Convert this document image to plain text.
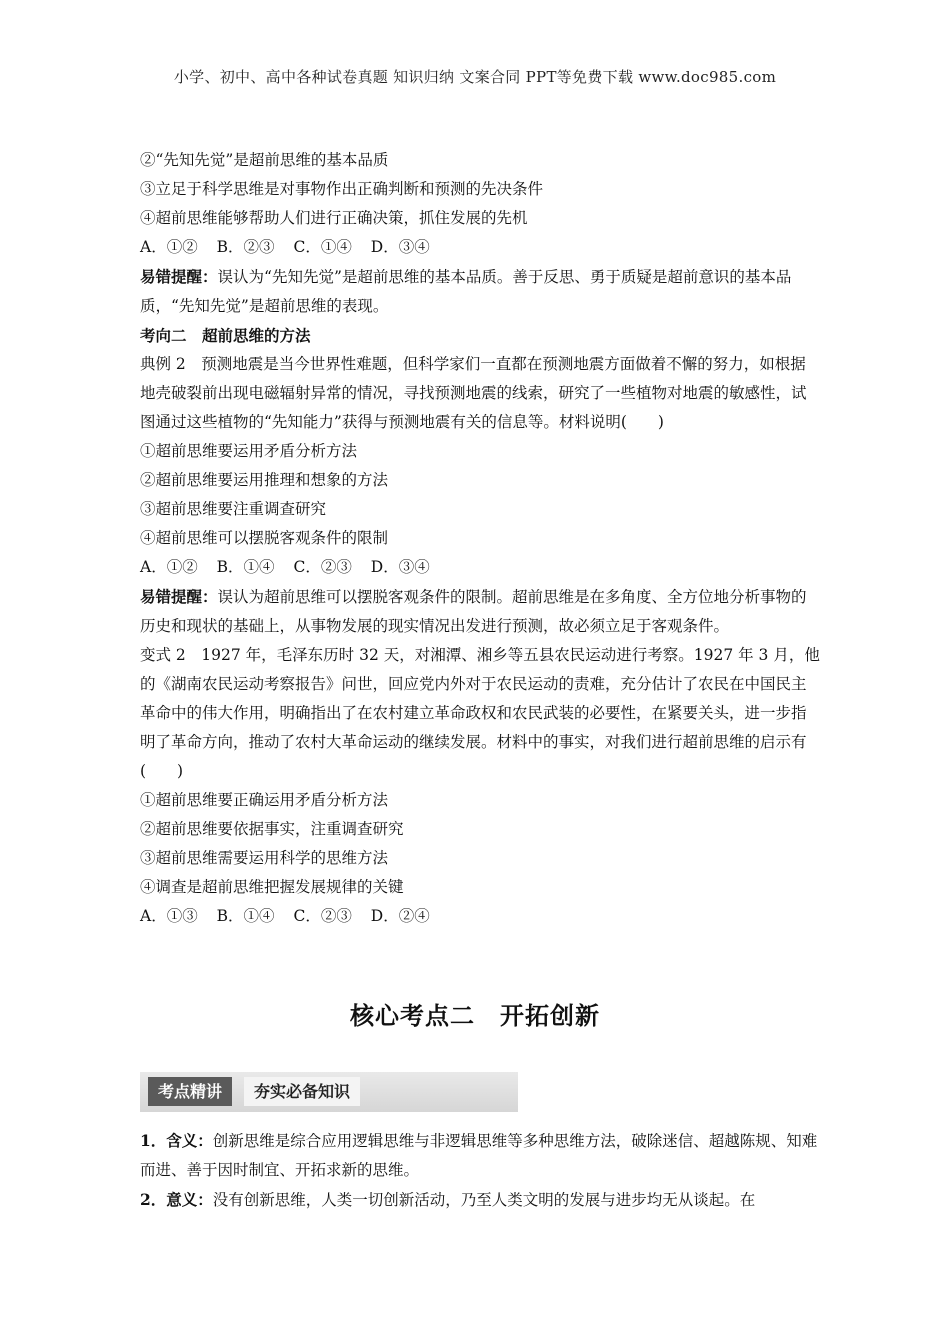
小学、初中、高中各种试卷真题 知识归纳 文案合同 PPT等免费下载 www.doc985.com
②“先知先觉”是超前思维的基本品质
③立足于科学思维是对事物作出正确判断和预测的先决条件
④超前思维能够帮助人们进行正确决策，抓住发展的先机
A．①② B．②③ C．①④ D．③④
易错提醒：误认为“先知先觉”是超前思维的基本品质。善于反思、勇于质疑是超前意识的基本品质，“先知先觉”是超前思维的表现。
考向二　超前思维的方法
典例 2　预测地震是当今世界性难题，但科学家们一直都在预测地震方面做着不懈的努力，如根据地壳破裂前出现电磁辐射异常的情况，寻找预测地震的线索，研究了一些植物对地震的敏感性，试图通过这些植物的“先知能力”获得与预测地震有关的信息等。材料说明(　　)
①超前思维要运用矛盾分析方法
②超前思维要运用推理和想象的方法
③超前思维要注重调查研究
④超前思维可以摆脱客观条件的限制
A．①② B．①④ C．②③ D．③④
易错提醒：误认为超前思维可以摆脱客观条件的限制。超前思维是在多角度、全方位地分析事物的历史和现状的基础上，从事物发展的现实情况出发进行预测，故必须立足于客观条件。
变式 2　1927 年，毛泽东历时 32 天，对湘潭、湘乡等五县农民运动进行考察。1927 年 3 月，他的《湖南农民运动考察报告》问世，回应党内外对于农民运动的责难，充分估计了农民在中国民主革命中的伟大作用，明确指出了在农村建立革命政权和农民武装的必要性，在紧要关头，进一步指明了革命方向，推动了农村大革命运动的继续发展。材料中的事实，对我们进行超前思维的启示有(　　)
①超前思维要正确运用矛盾分析方法
②超前思维要依据事实，注重调查研究
③超前思维需要运用科学的思维方法
④调查是超前思维把握发展规律的关键
A．①③ B．①④ C．②③ D．②④
核心考点二　开拓创新
考点精讲	夯实必备知识
1．含义：创新思维是综合应用逻辑思维与非逻辑思维等多种思维方法，破除迷信、超越陈规、知难而进、善于因时制宜、开拓求新的思维。
2．意义：没有创新思维，人类一切创新活动，乃至人类文明的发展与进步均无从谈起。在
